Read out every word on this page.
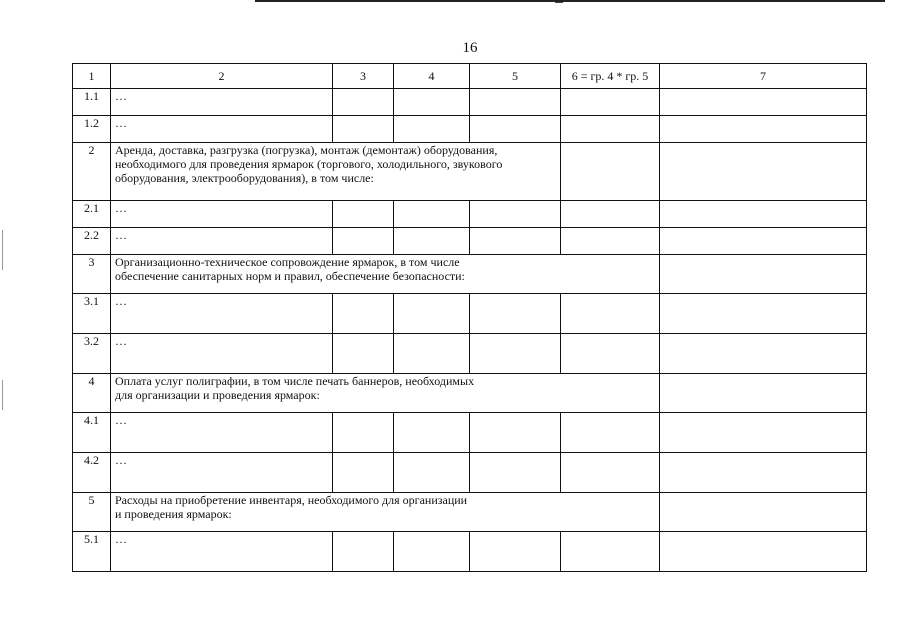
16
1	2	3	4	5	6 = гр. 4 * гр. 5	7
1.1	…					
1.2	…					
2	Аренда, доставка, разгрузка (погрузка), монтаж (демонтаж) оборудования,
необходимого для проведения ярмарок (торгового, холодильного, звукового
оборудования, электрооборудования), в том числе:					

2.1	…					
2.2	…					
3	Организационно-техническое сопровождение ярмарок, в том числе
обеспечение санитарных норм и правил, обеспечение безопасности:					

3.1	…					
3.2	…					
4	Оплата услуг полиграфии, в том числе печать баннеров, необходимых
для организации и проведения ярмарок:					

4.1	…					
4.2	…					
5	Расходы на приобретение инвентаря, необходимого для организации
и проведения ярмарок:					

5.1	…					
